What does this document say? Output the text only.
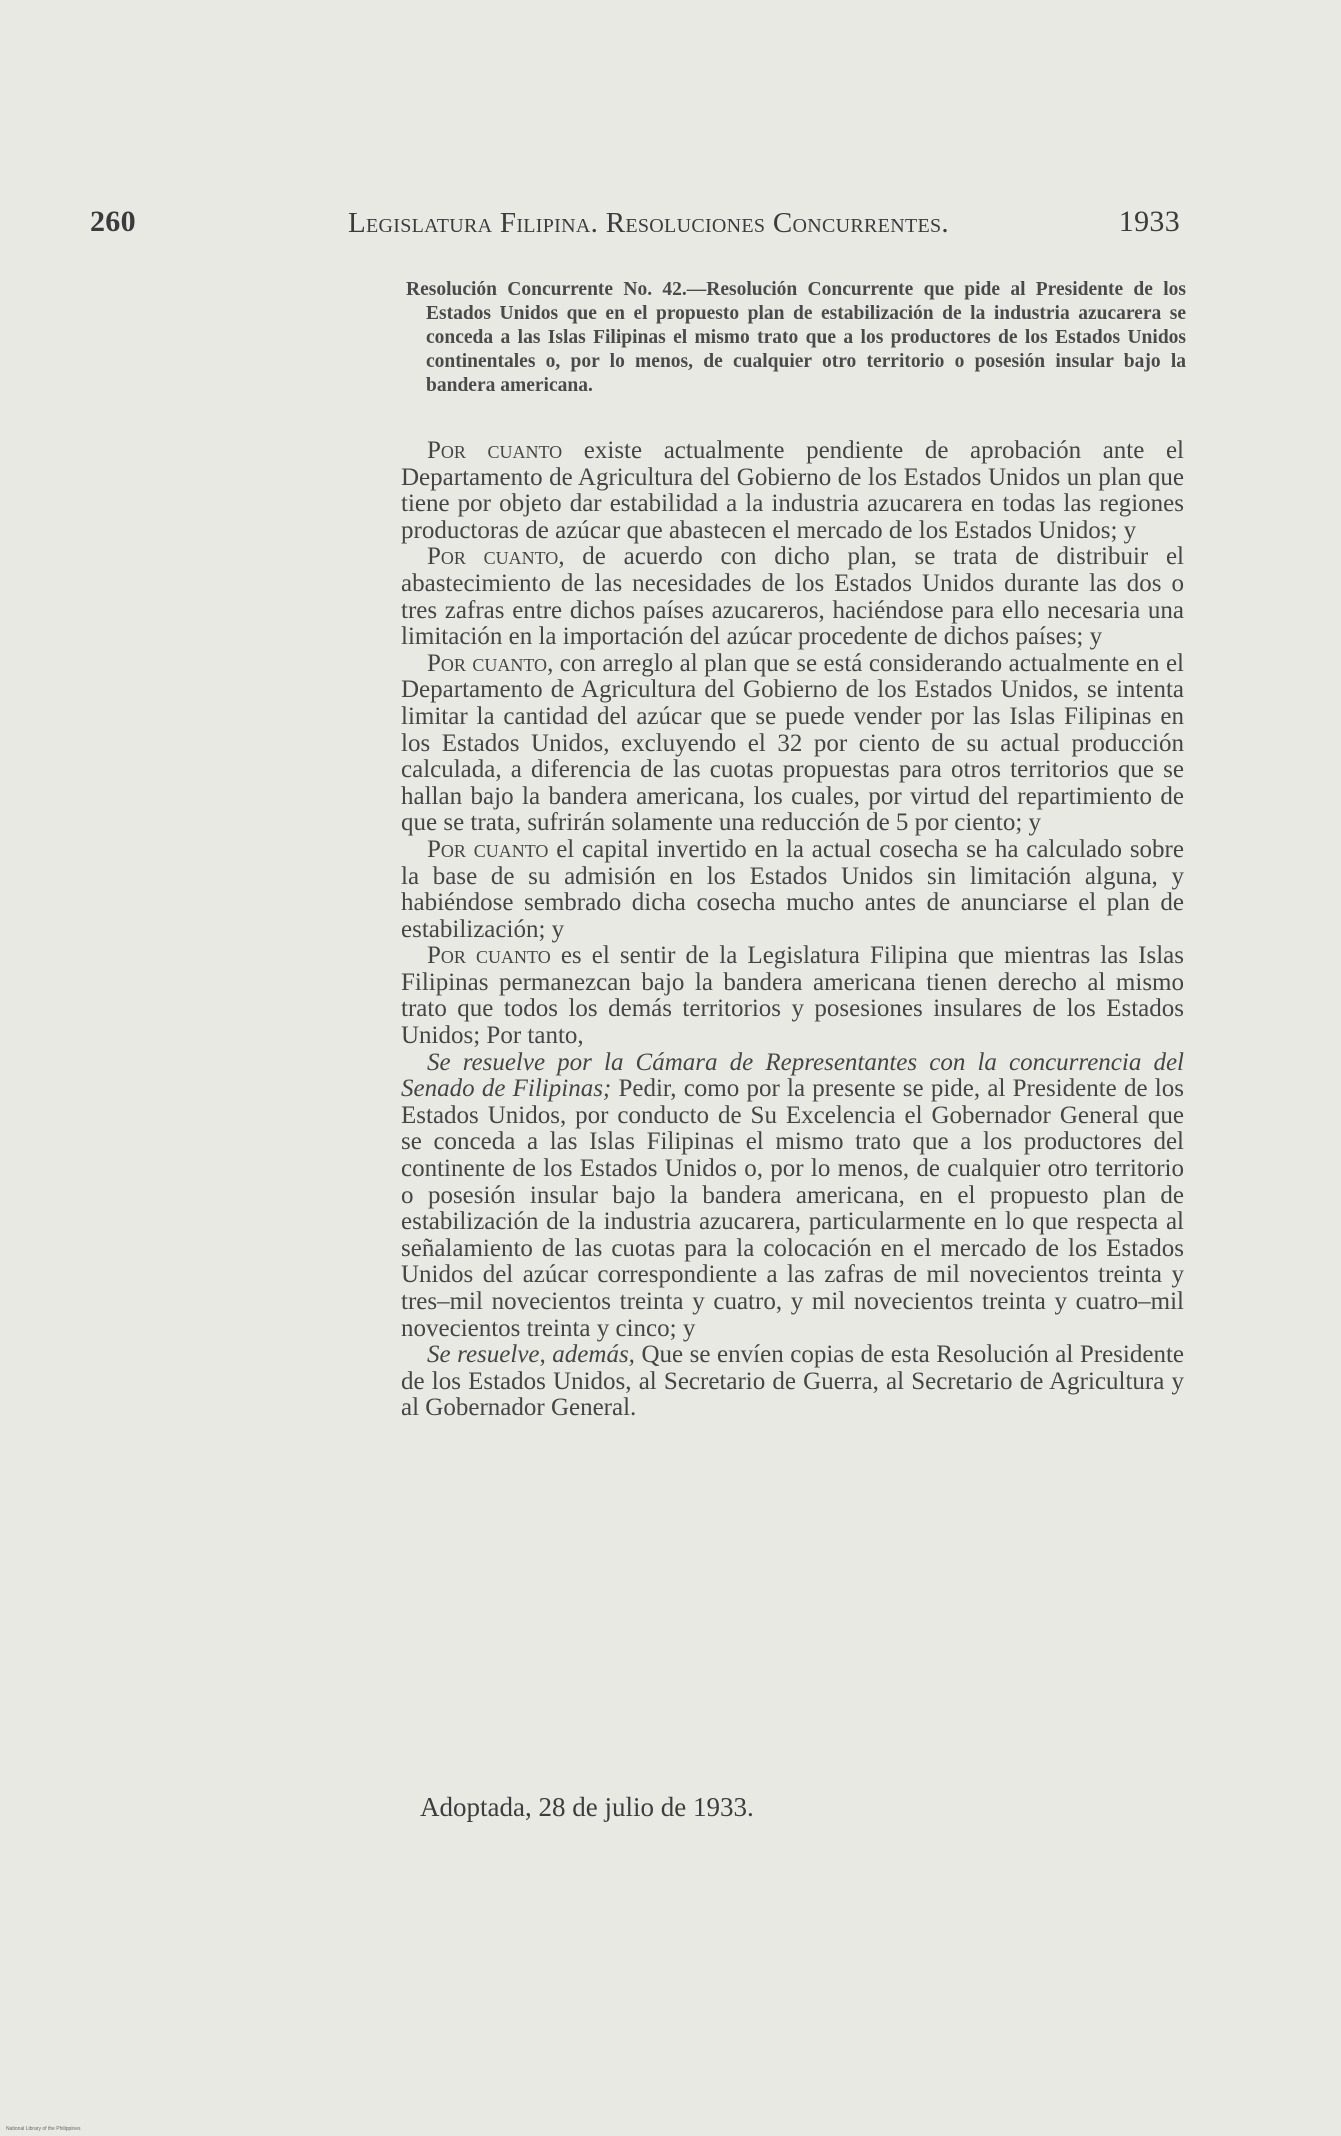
260	Legislatura Filipina. Resoluciones Concurrentes.	1933
Resolución Concurrente No. 42.—Resolución Concurrente que pide al Presidente de los Estados Unidos que en el propuesto plan de estabilización de la industria azucarera se conceda a las Islas Filipinas el mismo trato que a los productores de los Estados Unidos continentales o, por lo menos, de cualquier otro territorio o posesión insular bajo la bandera americana.

Por cuanto existe actualmente pendiente de aprobación ante el Departamento de Agricultura del Gobierno de los Estados Unidos un plan que tiene por objeto dar estabilidad a la industria azucarera en todas las regiones productoras de azúcar que abastecen el mercado de los Estados Unidos; y

Por cuanto, de acuerdo con dicho plan, se trata de distribuir el abastecimiento de las necesidades de los Estados Unidos durante las dos o tres zafras entre dichos países azucareros, haciéndose para ello necesaria una limitación en la importación del azúcar procedente de dichos países; y

Por cuanto, con arreglo al plan que se está considerando actualmente en el Departamento de Agricultura del Gobierno de los Estados Unidos, se intenta limitar la cantidad del azúcar que se puede vender por las Islas Filipinas en los Estados Unidos, excluyendo el 32 por ciento de su actual producción calculada, a diferencia de las cuotas propuestas para otros territorios que se hallan bajo la bandera americana, los cuales, por virtud del repartimiento de que se trata, sufrirán solamente una reducción de 5 por ciento; y

Por cuanto el capital invertido en la actual cosecha se ha calculado sobre la base de su admisión en los Estados Unidos sin limitación alguna, y habiéndose sembrado dicha cosecha mucho antes de anunciarse el plan de estabilización; y

Por cuanto es el sentir de la Legislatura Filipina que mientras las Islas Filipinas permanezcan bajo la bandera americana tienen derecho al mismo trato que todos los demás territorios y posesiones insulares de los Estados Unidos; Por tanto,

Se resuelve por la Cámara de Representantes con la concurrencia del Senado de Filipinas; Pedir, como por la presente se pide, al Presidente de los Estados Unidos, por conducto de Su Excelencia el Gobernador General que se conceda a las Islas Filipinas el mismo trato que a los productores del continente de los Estados Unidos o, por lo menos, de cualquier otro territorio o posesión insular bajo la bandera americana, en el propuesto plan de estabilización de la industria azucarera, particularmente en lo que respecta al señalamiento de las cuotas para la colocación en el mercado de los Estados Unidos del azúcar correspondiente a las zafras de mil novecientos treinta y tres–mil novecientos treinta y cuatro, y mil novecientos treinta y cuatro–mil novecientos treinta y cinco; y

Se resuelve, además, Que se envíen copias de esta Resolución al Presidente de los Estados Unidos, al Secretario de Guerra, al Secretario de Agricultura y al Gobernador General.

Adoptada, 28 de julio de 1933.
National Library of the Philippines
